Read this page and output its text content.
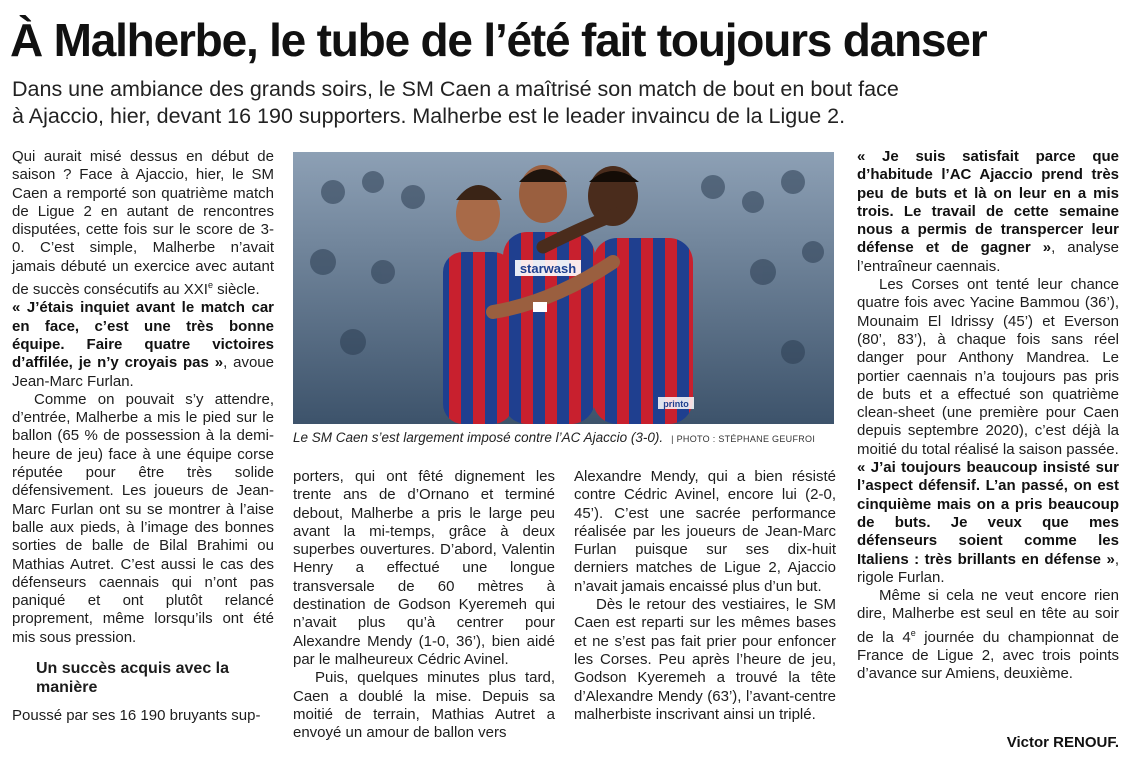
À Malherbe, le tube de l’été fait toujours danser
Dans une ambiance des grands soirs, le SM Caen a maîtrisé son match de bout en bout face
à Ajaccio, hier, devant 16 190 supporters. Malherbe est le leader invaincu de la Ligue 2.

Qui aurait misé dessus en début de saison ? Face à Ajaccio, hier, le SM Caen a remporté son quatrième match de Ligue 2 en autant de rencontres disputées, cette fois sur le score de 3-0. C’est simple, Malherbe n’avait jamais débuté un exercice avec autant de succès consécutifs au XXIe siècle.

« J’étais inquiet avant le match car en face, c’est une très bonne équipe. Faire quatre victoires d’affilée, je n’y croyais pas », avoue Jean-Marc Furlan.

Comme on pouvait s’y attendre, d’entrée, Malherbe a mis le pied sur le ballon (65 % de possession à la demi-heure de jeu) face à une équipe corse réputée pour être très solide défensivement. Les joueurs de Jean-Marc Furlan ont su se montrer à l’aise balle aux pieds, à l’image des bonnes sorties de balle de Bilal Brahimi ou Mathias Autret. C’est aussi le cas des défenseurs caennais qui n’ont pas paniqué et ont plutôt relancé proprement, même lorsqu’ils ont été mis sous pression.

Un succès acquis avec la manière

Poussé par ses 16 190 bruyants sup-

starwash
printo
Le SM Caen s’est largement imposé contre l’AC Ajaccio (3-0). | PHOTO : STÉPHANE GEUFROI

porters, qui ont fêté dignement les trente ans de d’Ornano et terminé debout, Malherbe a pris le large peu avant la mi-temps, grâce à deux superbes ouvertures. D’abord, Valentin Henry a effectué une longue transversale de 60 mètres à destination de Godson Kyeremeh qui n’avait plus qu’à centrer pour Alexandre Mendy (1-0, 36’), bien aidé par le malheureux Cédric Avinel.

Puis, quelques minutes plus tard, Caen a doublé la mise. Depuis sa moitié de terrain, Mathias Autret a envoyé un amour de ballon vers

Alexandre Mendy, qui a bien résisté contre Cédric Avinel, encore lui (2-0, 45’). C’est une sacrée performance réalisée par les joueurs de Jean-Marc Furlan puisque sur ses dix-huit derniers matches de Ligue 2, Ajaccio n’avait jamais encaissé plus d’un but.

Dès le retour des vestiaires, le SM Caen est reparti sur les mêmes bases et ne s’est pas fait prier pour enfoncer les Corses. Peu après l’heure de jeu, Godson Kyeremeh a trouvé la tête d’Alexandre Mendy (63’), l’avant-centre malherbiste inscrivant ainsi un triplé.

« Je suis satisfait parce que d’habitude l’AC Ajaccio prend très peu de buts et là on leur en a mis trois. Le travail de cette semaine nous a permis de transpercer leur défense et de gagner », analyse l’entraîneur caennais.

Les Corses ont tenté leur chance quatre fois avec Yacine Bammou (36’), Mounaim El Idrissy (45’) et Everson (80’, 83’), à chaque fois sans réel danger pour Anthony Mandrea. Le portier caennais n’a toujours pas pris de buts et a effectué son quatrième clean-sheet (une première pour Caen depuis septembre 2020), c’est déjà la moitié du total réalisé la saison passée.

« J’ai toujours beaucoup insisté sur l’aspect défensif. L’an passé, on est cinquième mais on a pris beaucoup de buts. Je veux que mes défenseurs soient comme les Italiens : très brillants en défense », rigole Furlan.

Même si cela ne veut encore rien dire, Malherbe est seul en tête au soir de la 4e journée du championnat de France de Ligue 2, avec trois points d’avance sur Amiens, deuxième.

Victor RENOUF.
